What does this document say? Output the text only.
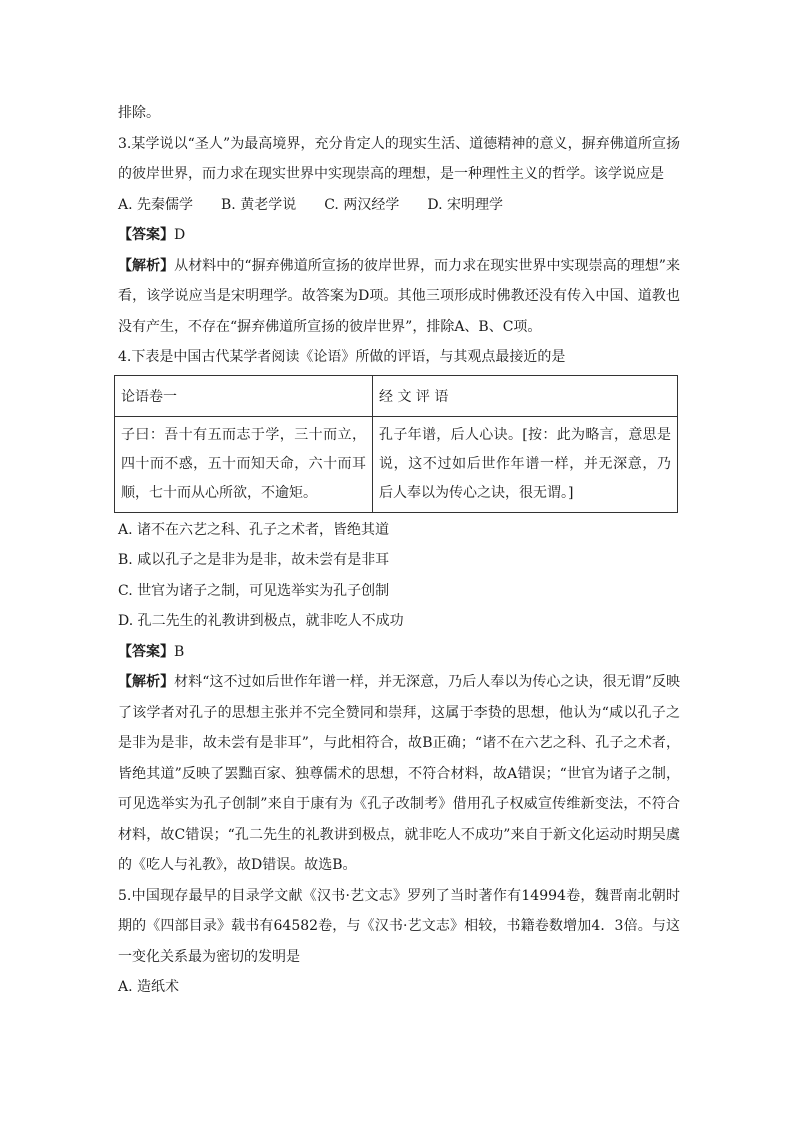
排除。

3.某学说以“圣人”为最高境界，充分肯定人的现实生活、道德精神的意义，摒弃佛道所宣扬的彼岸世界，而力求在现实世界中实现崇高的理想，是一种理性主义的哲学。该学说应是

A. 先秦儒学 B. 黄老学说 C. 两汉经学 D. 宋明理学

【答案】D

【解析】从材料中的“摒弃佛道所宣扬的彼岸世界，而力求在现实世界中实现崇高的理想”来看，该学说应当是宋明理学。故答案为D项。其他三项形成时佛教还没有传入中国、道教也没有产生，不存在“摒弃佛道所宣扬的彼岸世界”，排除A、B、C项。

4.下表是中国古代某学者阅读《论语》所做的评语，与其观点最接近的是

论语卷一	经 文 评 语
子曰：吾十有五而志于学，三十而立，四十而不惑，五十而知天命，六十而耳顺，七十而从心所欲，不逾矩。	孔子年谱，后人心诀。[按：此为略言，意思是说，这不过如后世作年谱一样，并无深意，乃后人奉以为传心之诀，很无谓。]

A. 诸不在六艺之科、孔子之术者，皆绝其道

B. 咸以孔子之是非为是非，故未尝有是非耳

C. 世官为诸子之制，可见选举实为孔子创制

D. 孔二先生的礼教讲到极点，就非吃人不成功

【答案】B

【解析】材料“这不过如后世作年谱一样，并无深意，乃后人奉以为传心之诀，很无谓”反映了该学者对孔子的思想主张并不完全赞同和崇拜，这属于李贽的思想，他认为“咸以孔子之是非为是非，故未尝有是非耳”，与此相符合，故B正确；“诸不在六艺之科、孔子之术者，皆绝其道”反映了罢黜百家、独尊儒术的思想，不符合材料，故A错误；“世官为诸子之制，可见选举实为孔子创制”来自于康有为《孔子改制考》借用孔子权威宣传维新变法，不符合材料，故C错误；“孔二先生的礼教讲到极点，就非吃人不成功”来自于新文化运动时期吴虞的《吃人与礼教》，故D错误。故选B。

5.中国现存最早的目录学文献《汉书·艺文志》罗列了当时著作有14994卷，魏晋南北朝时期的《四部目录》载书有64582卷，与《汉书·艺文志》相较，书籍卷数增加4．3倍。与这一变化关系最为密切的发明是

A. 造纸术
